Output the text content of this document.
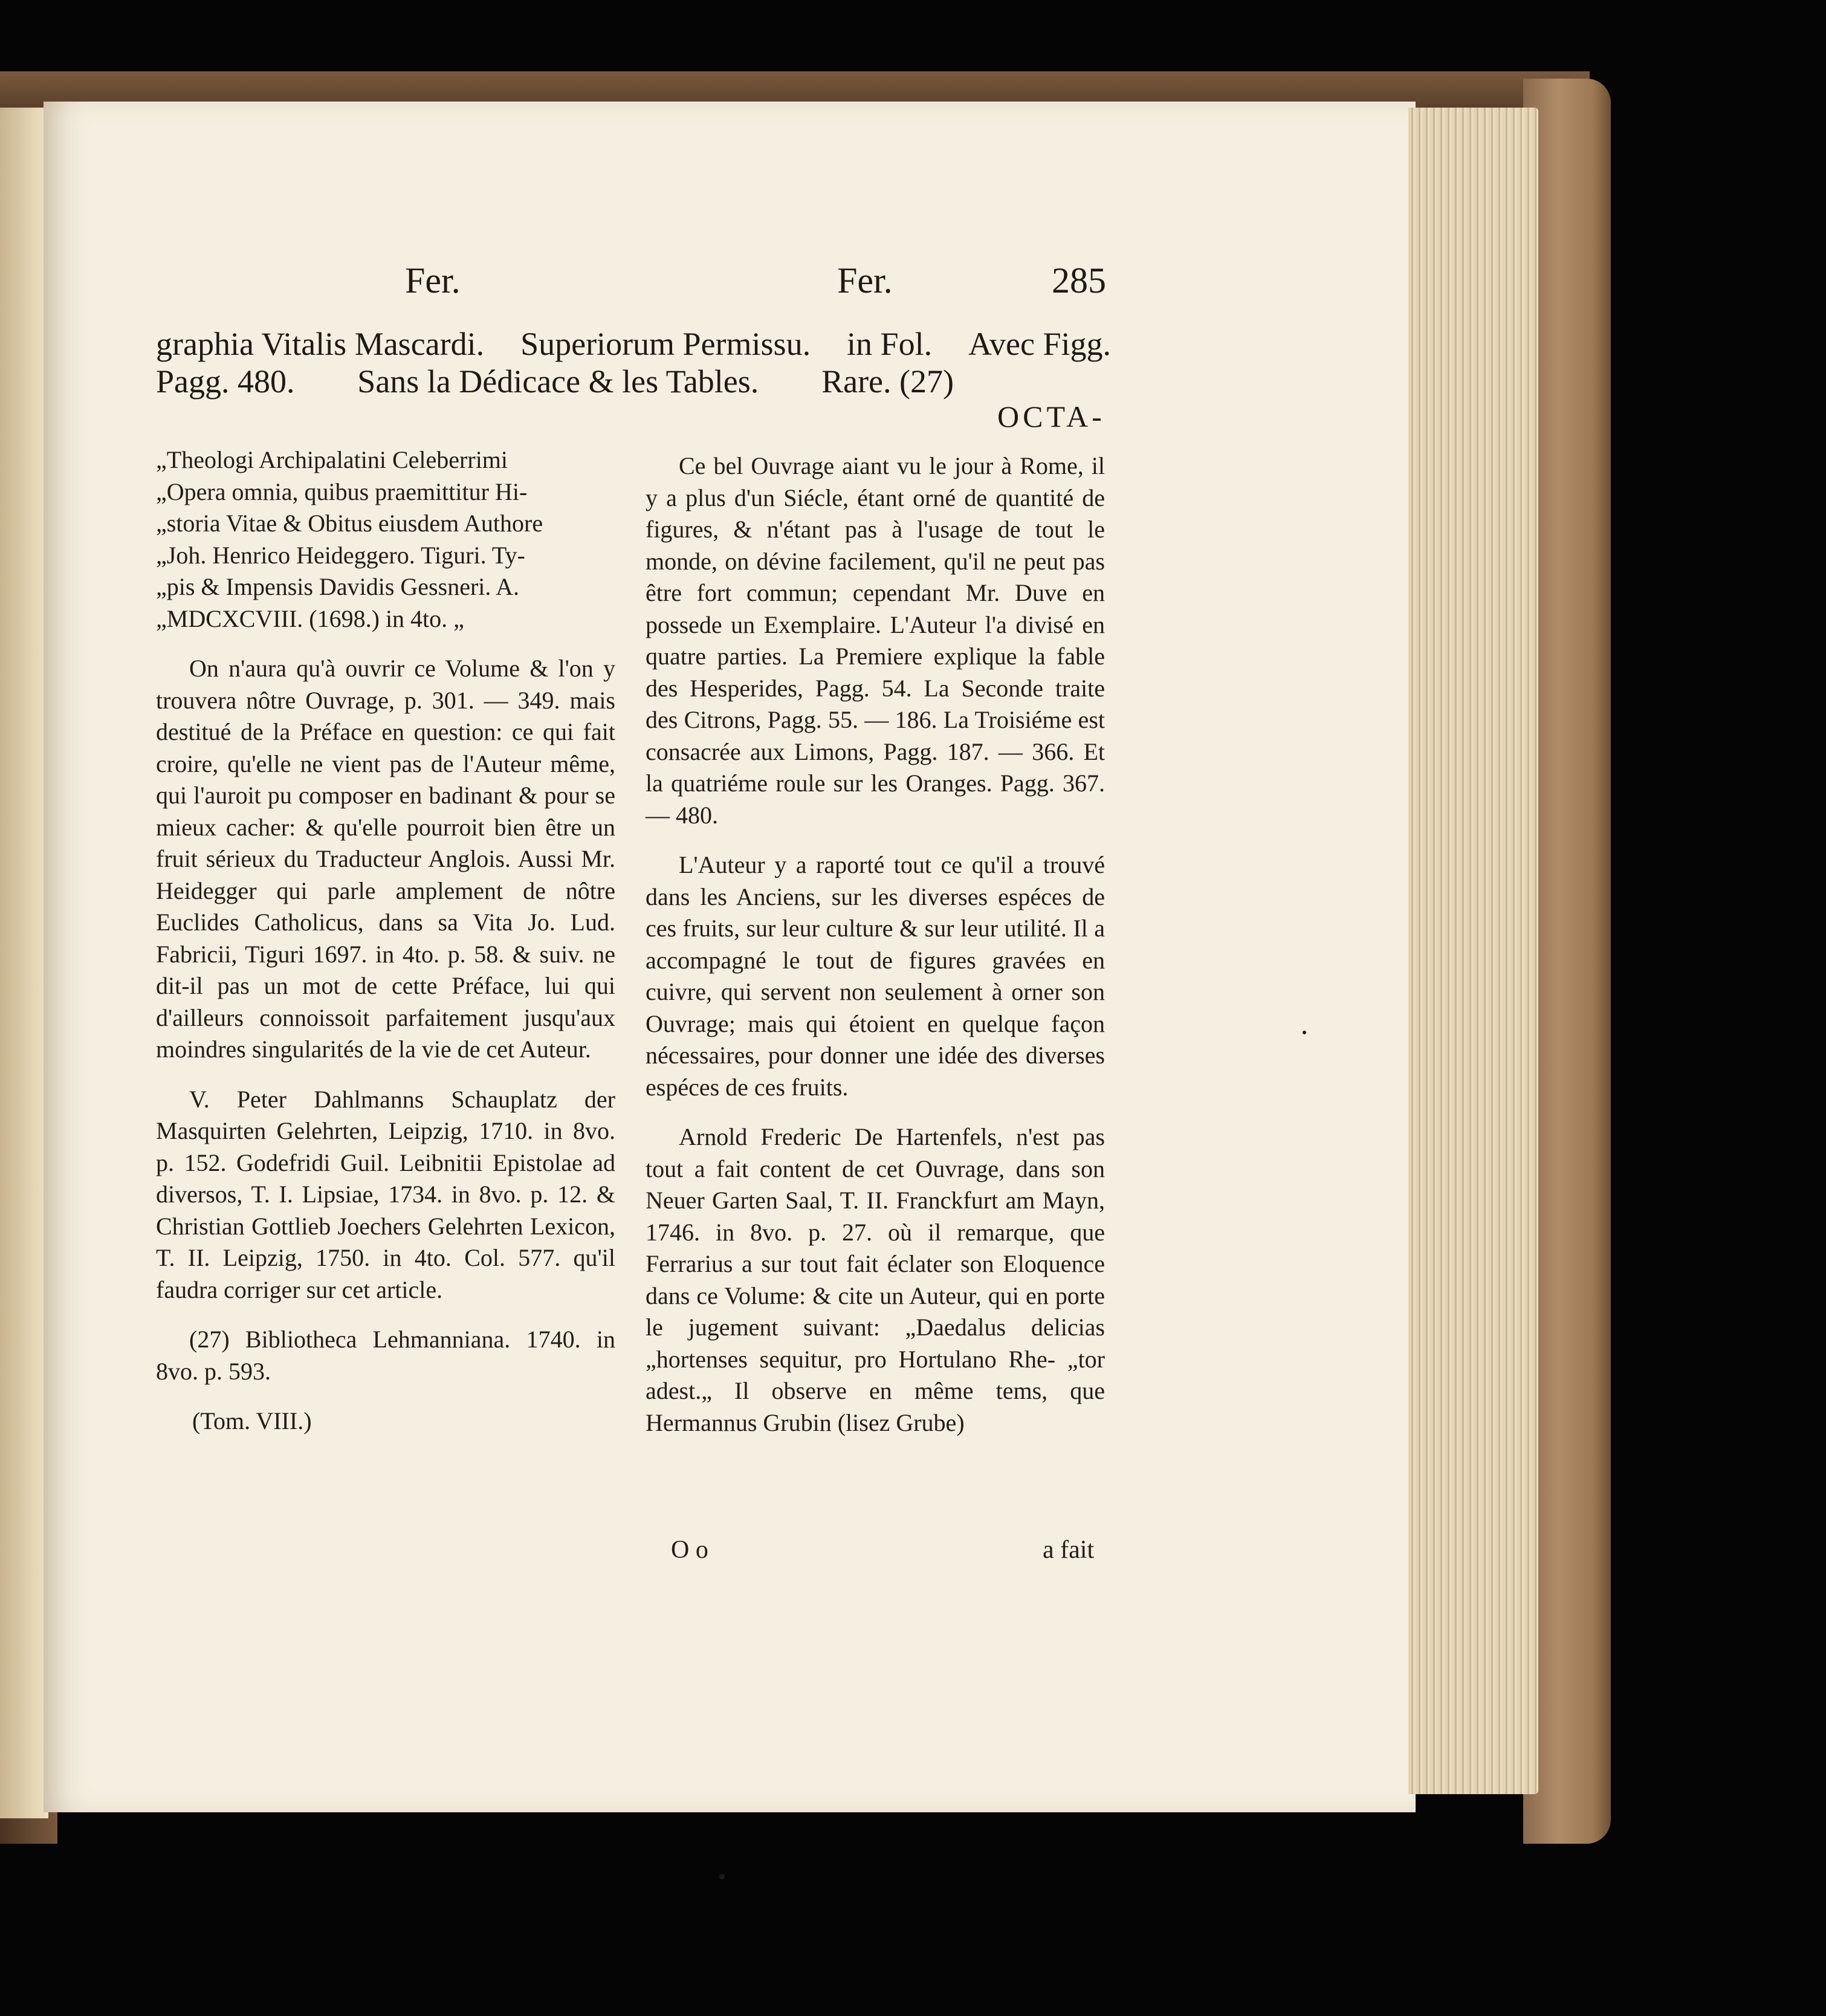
Fer.	Fer.	285
graphia Vitalis Mascardi. Superiorum Permissu. in Fol. Avec Figg.
Pagg. 480. Sans la Dédicace & les Tables. Rare. (27)
OCTA-

„Theologi Archipalatini Celeberrimi
„Opera omnia, quibus praemittitur Hi-
„storia Vitae & Obitus eiusdem Authore
„Joh. Henrico Heideggero. Tiguri. Ty-
„pis & Impensis Davidis Gessneri. A.
„MDCXCVIII. (1698.) in 4to. „

On n'aura qu'à ouvrir ce Volume & l'on y trouvera nôtre Ouvrage, p. 301. — 349. mais destitué de la Préface en question: ce qui fait croire, qu'elle ne vient pas de l'Auteur même, qui l'auroit pu composer en badinant & pour se mieux cacher: & qu'elle pourroit bien être un fruit sérieux du Traducteur Anglois. Aussi Mr. Heidegger qui parle amplement de nôtre Euclides Catholicus, dans sa Vita Jo. Lud. Fabricii, Tiguri 1697. in 4to. p. 58. & suiv. ne dit-il pas un mot de cette Préface, lui qui d'ailleurs connoissoit parfaitement jusqu'aux moindres singularités de la vie de cet Auteur.

V. Peter Dahlmanns Schauplatz der Masquirten Gelehrten, Leipzig, 1710. in 8vo. p. 152. Godefridi Guil. Leibnitii Epistolae ad diversos, T. I. Lipsiae, 1734. in 8vo. p. 12. & Christian Gottlieb Joechers Gelehrten Lexicon, T. II. Leipzig, 1750. in 4to. Col. 577. qu'il faudra corriger sur cet article.

(27) Bibliotheca Lehmanniana. 1740. in 8vo. p. 593.

(Tom. VIII.)

Ce bel Ouvrage aiant vu le jour à Rome, il y a plus d'un Siécle, étant orné de quantité de figures, & n'étant pas à l'usage de tout le monde, on dévine facilement, qu'il ne peut pas être fort commun; cependant Mr. Duve en possede un Exemplaire. L'Auteur l'a divisé en quatre parties. La Premiere explique la fable des Hesperides, Pagg. 54. La Seconde traite des Citrons, Pagg. 55. — 186. La Troisiéme est consacrée aux Limons, Pagg. 187. — 366. Et la quatriéme roule sur les Oranges. Pagg. 367. — 480.

L'Auteur y a raporté tout ce qu'il a trouvé dans les Anciens, sur les diverses espéces de ces fruits, sur leur culture & sur leur utilité. Il a accompagné le tout de figures gravées en cuivre, qui servent non seulement à orner son Ouvrage; mais qui étoient en quelque façon nécessaires, pour donner une idée des diverses espéces de ces fruits.

Arnold Frederic De Hartenfels, n'est pas tout a fait content de cet Ouvrage, dans son Neuer Garten Saal, T. II. Franckfurt am Mayn, 1746. in 8vo. p. 27. où il remarque, que Ferrarius a sur tout fait éclater son Eloquence dans ce Volume: & cite un Auteur, qui en porte le jugement suivant: „Daedalus delicias „hortenses sequitur, pro Hortulano Rhe- „tor adest.„ Il observe en même tems, que Hermannus Grubin (lisez Grube)

O o	a fait
